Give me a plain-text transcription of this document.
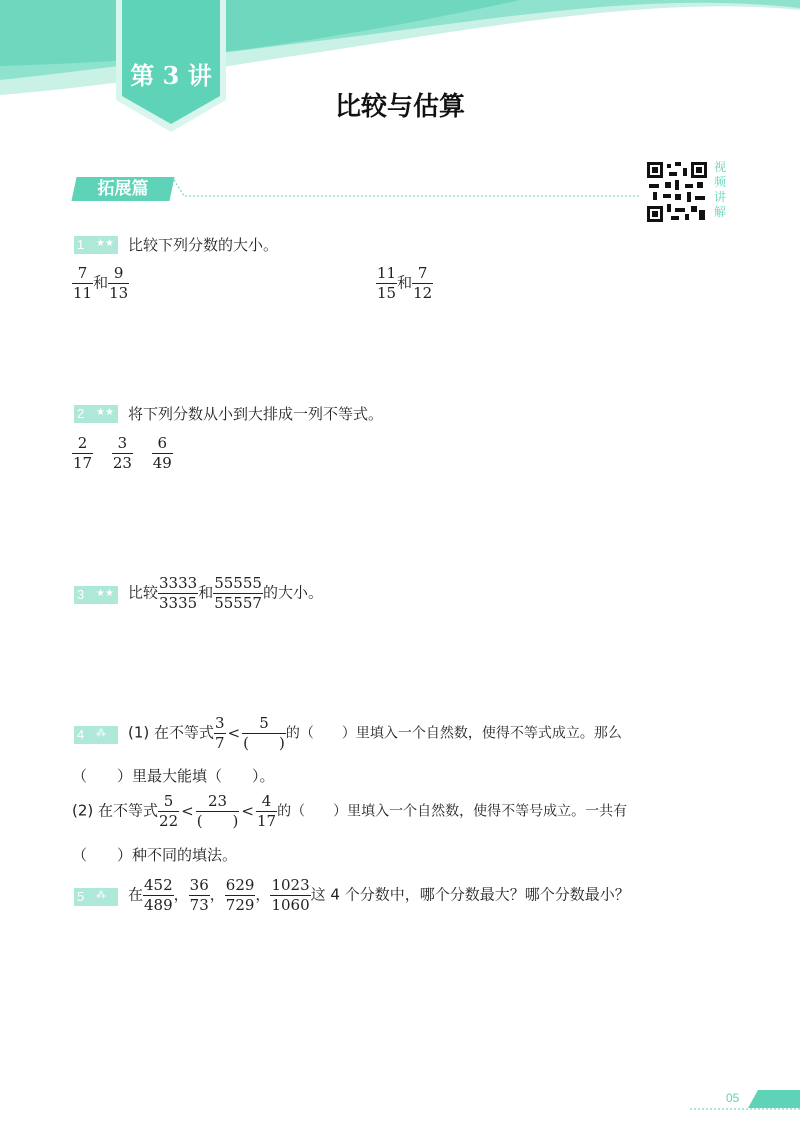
第 3 讲
比较与估算
拓展篇
视频讲解
1 ★★ 比较下列分数的大小。
$\frac{7}{11}$ 和 $\frac{9}{13}$	$\frac{11}{15}$ 和 $\frac{7}{12}$
2 ★★ 将下列分数从小到大排成一列不等式。
$\frac{2}{17}$
$\frac{3}{23}$
$\frac{6}{49}$
3 ★★ 比较 $\frac{3333}{3335}$ 和 $\frac{55555}{55557}$ 的大小。
4 ⁂ (1) 在不等式 $\frac{3}{7} < \frac{5}{( )}$ 的（　　）里填入一个自然数，使得不等式成立。那么
（　　）里最大能填（　　）。
(2) 在不等式 $\frac{5}{22} < \frac{23}{( )} < \frac{4}{17}$ 的（　　）里填入一个自然数，使得不等号成立。一共有
（　　）种不同的填法。
5 ⁂ 在 $\frac{452}{489}$ ， $\frac{36}{73}$ ， $\frac{629}{729}$ ， $\frac{1023}{1060}$ 这 4 个分数中，哪个分数最大？哪个分数最小？
05
